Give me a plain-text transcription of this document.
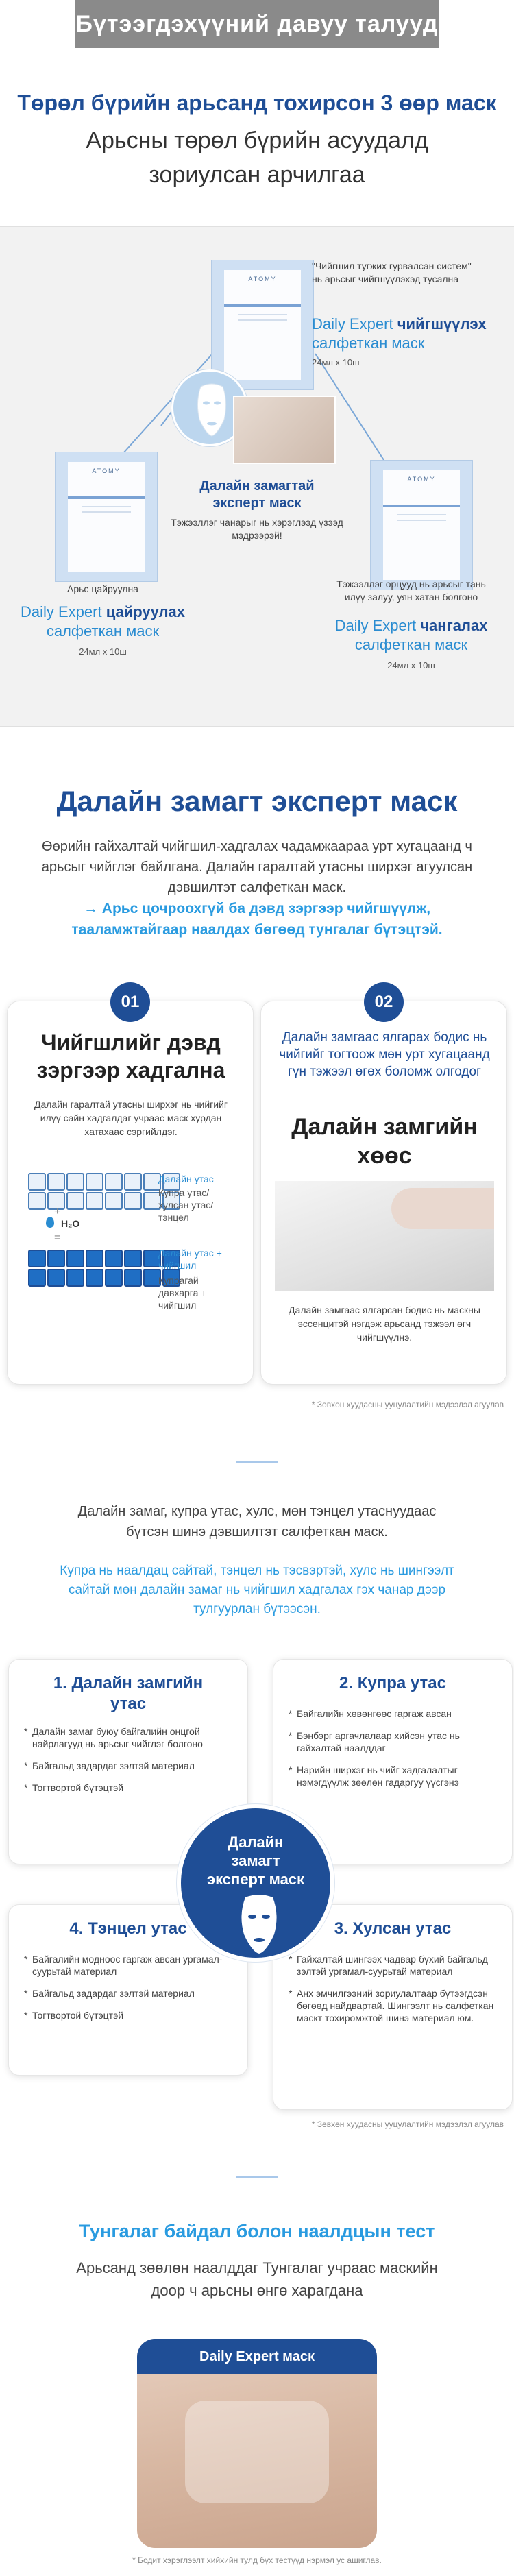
Бүтээгдэхүүний давуу талууд
Төрөл бүрийн арьсанд тохирсон 3 өөр маск
Арьсны төрөл бүрийн асуудалд
зориулсан арчилгаа
ATOMY
"Чийгшил тугжих гурвалсан систем" нь арьсыг чийгшүүлэхэд тусална
Daily Expert чийгшүүлэх
салфеткан маск
24мл x 10ш
Далайн замагтай
эксперт маск
Тэжээллэг чанарыг нь хэрэглээд үзээд мэдрээрэй!
ATOMY
Арьс цайруулна
Daily Expert цайруулах
салфеткан маск
24мл x 10ш
ATOMY
Тэжээллэг орцууд нь арьсыг тань илүү залуу, уян хатан болгоно
Daily Expert чангалах
салфеткан маск
24мл x 10ш
Далайн замагт эксперт маск
Өөрийн гайхалтай чийгшил-хадгалах чадамжаараа урт хугацаанд ч арьсыг чийглэг байлгана. Далайн гаралтай утасны ширхэг агуулсан дэвшилтэт салфеткан маск.
→ Арьс цочроохгүй ба дэвд зэргээр чийгшүүлж, тааламжтайгаар наалдах бөгөөд тунгалаг бүтэцтэй.
01
Чийгшлийг дэвд
зэргээр хадгална
Далайн гаралтай утасны ширхэг нь чийгийг илүү сайн хадгалдаг учраас маск хурдан хатахаас сэргийлдэг.
Далайн утас
Купра утас/ хулсан утас/ тэнцел
+
H₂O
=
Далайн утас + чийгшил
Купрагай давхарга + чийгшил
02
Далайн замгаас ялгарах бодис нь чийгийг тогтоож мөн урт хугацаанд гүн тэжээл өгөх боломж олгодог
Далайн замгийн
хөөс
Далайн замгаас ялгарсан бодис нь маскны эссенцитэй нэгдэж арьсанд тэжээл өгч чийгшүүлнэ.
* Зөвхөн хуудасны ууцулалтийн мэдээлэл агуулав
Далайн замаг, купра утас, хулс, мөн тэнцел утаснуудаас бүтсэн шинэ дэвшилтэт салфеткан маск.
Купра нь наалдац сайтай, тэнцел нь тэсвэртэй, хулс нь шингээлт сайтай мөн далайн замаг нь чийгшил хадгалах гэх чанар дээр тулгуурлан бүтээсэн.
1. Далайн замгийн
утас
* Далайн замаг буюу байгалийн онцгой найрлагууд нь арьсыг чийглэг болгоно
* Байгальд задардаг зэлтэй материал
* Тогтвортой бүтэцтэй
2. Купра утас
* Байгалийн хөвөнгөөс гаргаж авсан
* Бэнбэрг аргачлалаар хийсэн утас нь гайхалтай наалддаг
* Нарийн ширхэг нь чийг хадгалалтыг нэмэгдүүлж зөөлөн гадаргуу үүсгэнэ
4. Тэнцел утас
* Байгалийн модноос гаргаж авсан ургамал-суурьтай материал
* Байгальд задардаг зэлтэй материал
* Тогтвортой бүтэцтэй
3. Хулсан утас
* Гайхалтай шингээх чадвар бүхий байгальд зэлтэй ургамал-суурьтай материал
* Анх эмчилгээний зориулалтаар бүтээгдсэн бөгөөд найдвартай. Шингээлт нь салфеткан маскт тохиромжтой шинэ материал юм.
Далайн
замагт
эксперт маск
* Зөвхөн хуудасны ууцулалтийн мэдээлэл агуулав
Тунгалаг байдал болон наалдцын тест
Арьсанд зөөлөн наалддаг Тунгалаг учраас маскийн
доор ч арьсны өнгө харагдана
Daily Expert маск
* Бодит хэрэглээлт хийхийн тулд бүх тестүүд нэрмэл ус ашиглав.
